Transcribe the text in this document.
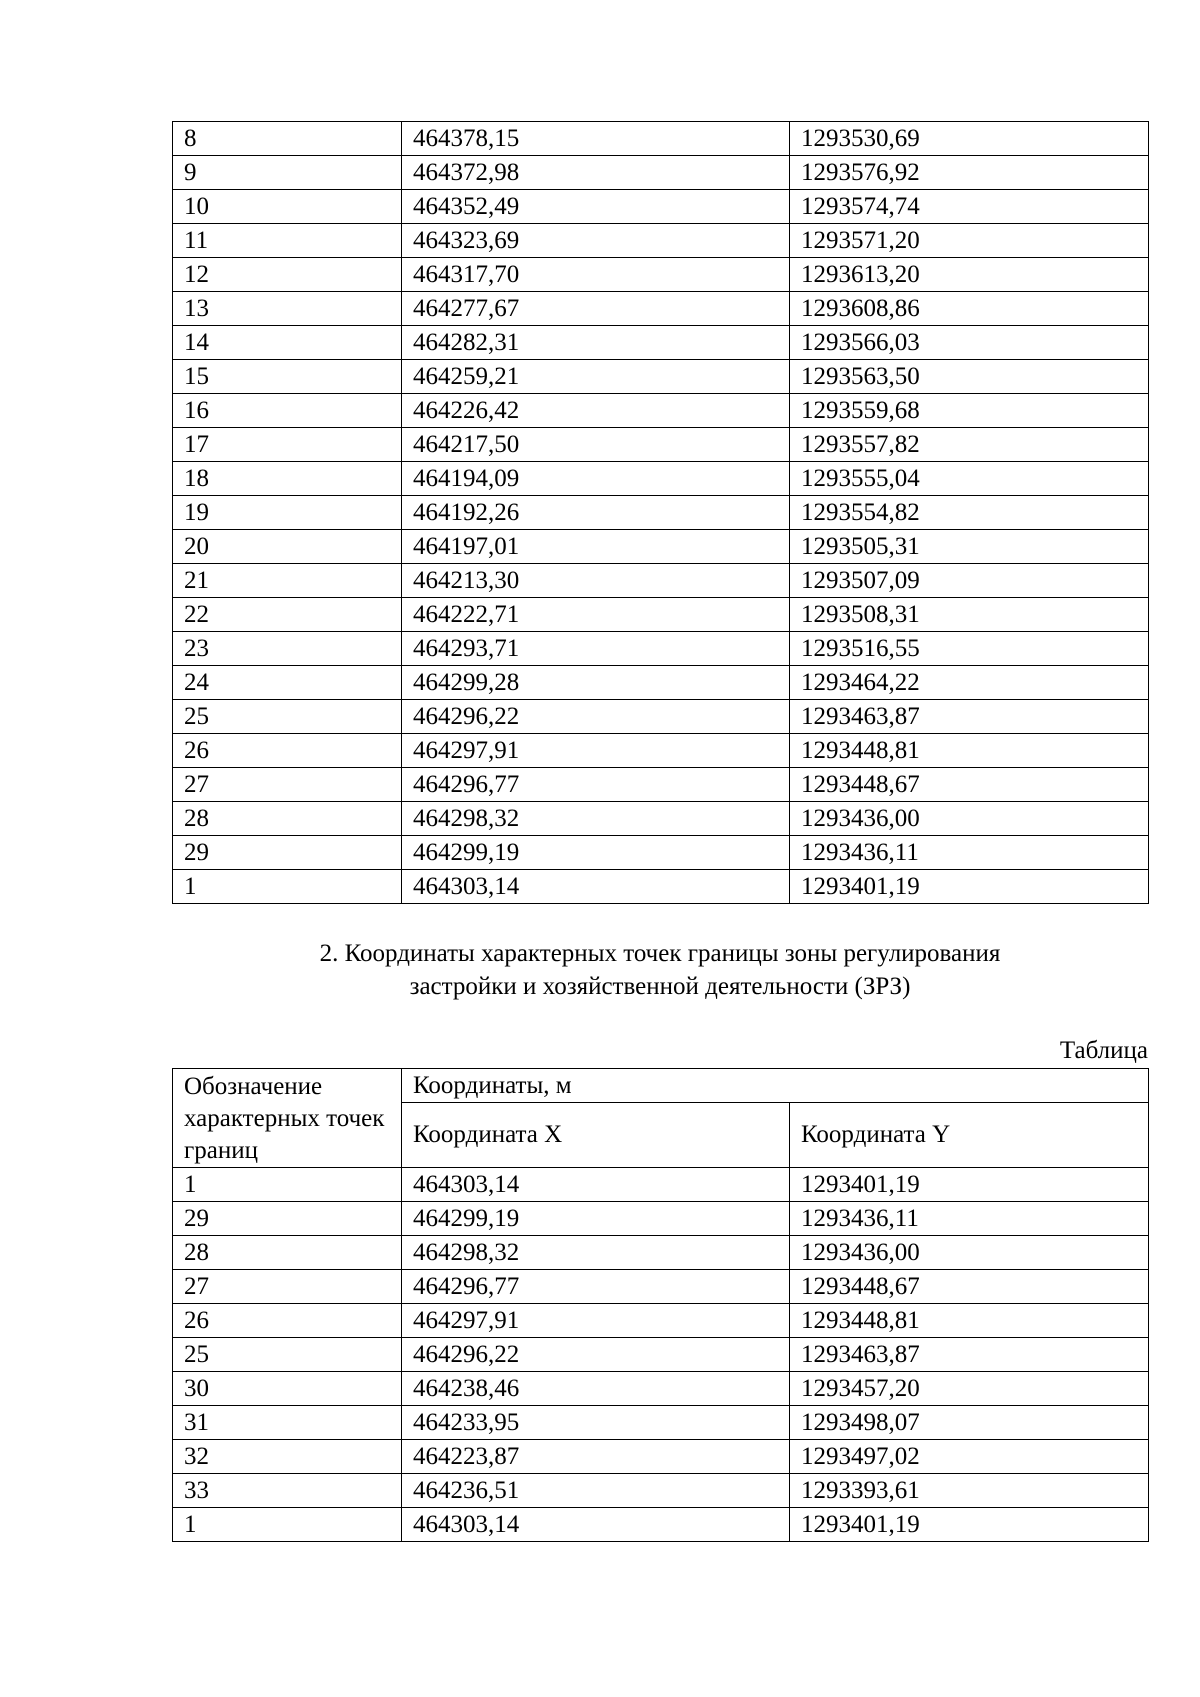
8	464378,15	1293530,69
9	464372,98	1293576,92
10	464352,49	1293574,74
11	464323,69	1293571,20
12	464317,70	1293613,20
13	464277,67	1293608,86
14	464282,31	1293566,03
15	464259,21	1293563,50
16	464226,42	1293559,68
17	464217,50	1293557,82
18	464194,09	1293555,04
19	464192,26	1293554,82
20	464197,01	1293505,31
21	464213,30	1293507,09
22	464222,71	1293508,31
23	464293,71	1293516,55
24	464299,28	1293464,22
25	464296,22	1293463,87
26	464297,91	1293448,81
27	464296,77	1293448,67
28	464298,32	1293436,00
29	464299,19	1293436,11
1	464303,14	1293401,19
2. Координаты характерных точек границы зоны регулирования
застройки и хозяйственной деятельности (ЗРЗ)
Таблица
Обозначение характерных точек границ	Координаты, м	
	Координата X	Координата Y
1	464303,14	1293401,19
29	464299,19	1293436,11
28	464298,32	1293436,00
27	464296,77	1293448,67
26	464297,91	1293448,81
25	464296,22	1293463,87
30	464238,46	1293457,20
31	464233,95	1293498,07
32	464223,87	1293497,02
33	464236,51	1293393,61
1	464303,14	1293401,19
